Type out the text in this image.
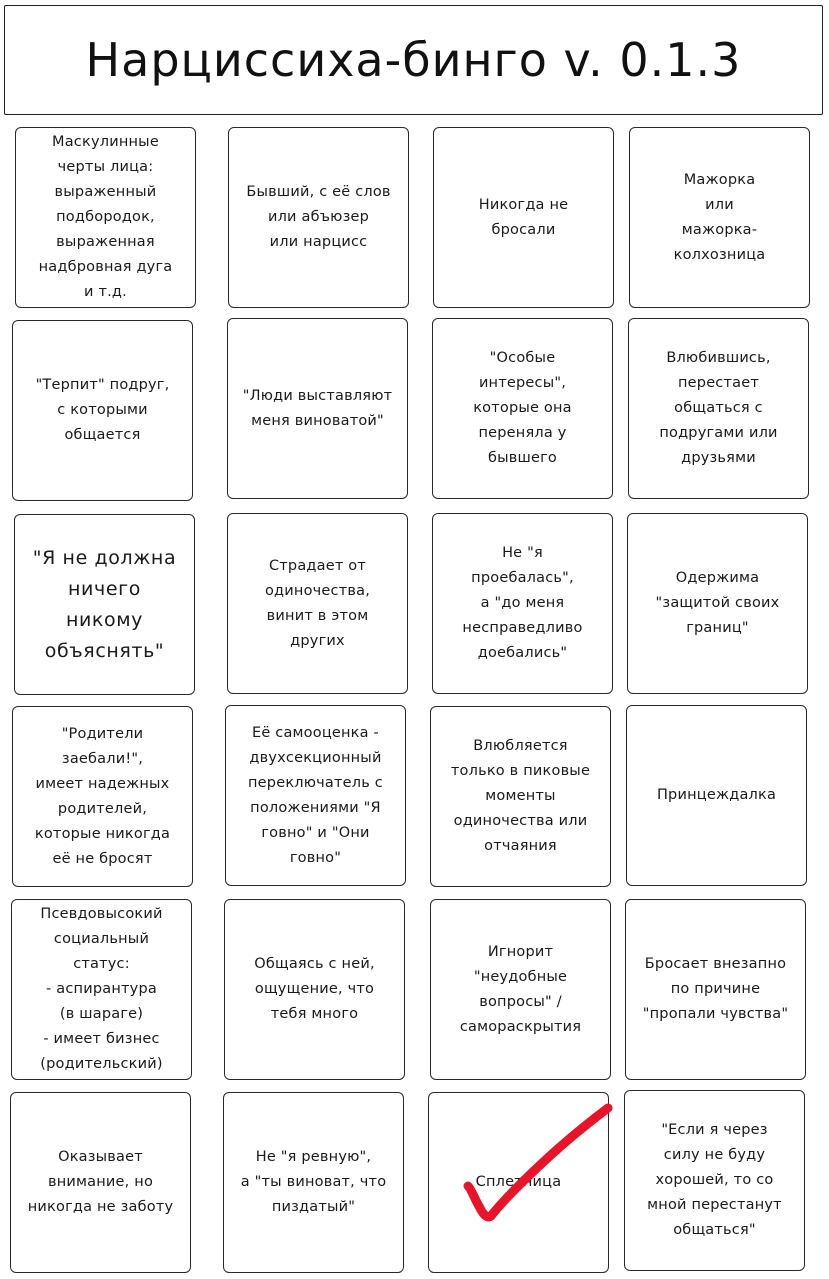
Нарциссиха-бинго v. 0.1.3
Маскулинные
черты лица:
выраженный
подбородок,
выраженная
надбровная дуга
и т.д.
Бывший, с её слов
или абъюзер
или нарцисс
Никогда не
бросали
Мажорка
или
мажорка-
колхозница
"Терпит" подруг,
с которыми
общается
"Люди выставляют
меня виноватой"
"Особые
интересы",
которые она
переняла у
бывшего
Влюбившись,
перестает
общаться с
подругами или
друзьями
"Я не должна
ничего
никому
объяснять"
Страдает от
одиночества,
винит в этом
других
Не "я
проебалась",
а "до меня
несправедливо
доебались"
Одержима
"защитой своих
границ"
"Родители
заебали!",
имеет надежных
родителей,
которые никогда
её не бросят
Её самооценка -
двухсекционный
переключатель с
положениями "Я
говно" и "Они
говно"
Влюбляется
только в пиковые
моменты
одиночества или
отчаяния
Принцеждалка
Псевдовысокий
социальный
статус:
- аспирантура
(в шараге)
- имеет бизнес
(родительский)
Общаясь с ней,
ощущение, что
тебя много
Игнорит
"неудобные
вопросы" /
самораскрытия
Бросает внезапно
по причине
"пропали чувства"
Оказывает
внимание, но
никогда не заботу
Не "я ревную",
а "ты виноват, что
пиздатый"
Сплетница
"Если я через
силу не буду
хорошей, то со
мной перестанут
общаться"
